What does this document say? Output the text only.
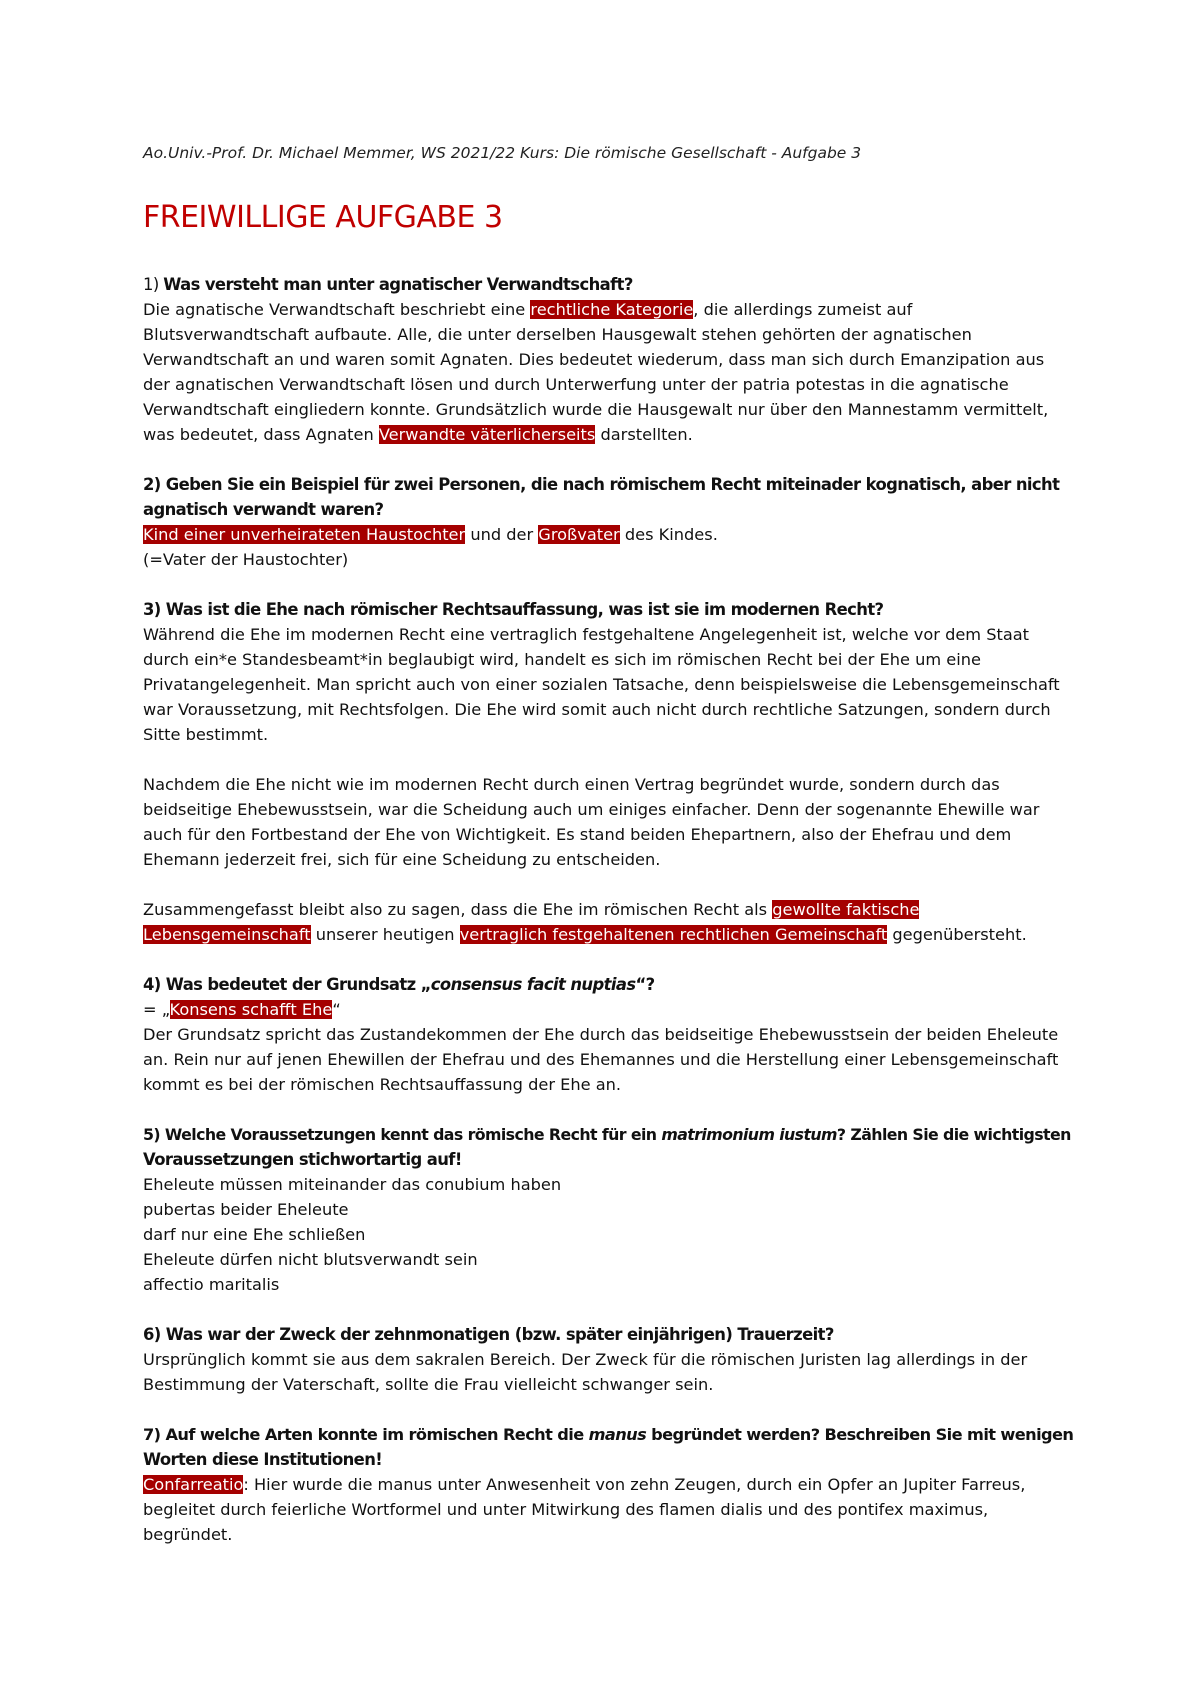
Ao.Univ.-Prof. Dr. Michael Memmer, WS 2021/22 Kurs: Die römische Gesellschaft - Aufgabe 3
FREIWILLIGE AUFGABE 3
1) Was versteht man unter agnatischer Verwandtschaft?
Die agnatische Verwandtschaft beschriebt eine rechtliche Kategorie, die allerdings zumeist auf
Blutsverwandtschaft aufbaute. Alle, die unter derselben Hausgewalt stehen gehörten der agnatischen
Verwandtschaft an und waren somit Agnaten. Dies bedeutet wiederum, dass man sich durch Emanzipation aus
der agnatischen Verwandtschaft lösen und durch Unterwerfung unter der patria potestas in die agnatische
Verwandtschaft eingliedern konnte. Grundsätzlich wurde die Hausgewalt nur über den Mannestamm vermittelt,
was bedeutet, dass Agnaten Verwandte väterlicherseits darstellten.
2) Geben Sie ein Beispiel für zwei Personen, die nach römischem Recht miteinader kognatisch, aber nicht
agnatisch verwandt waren?
Kind einer unverheirateten Haustochter und der Großvater des Kindes.
(=Vater der Haustochter)
3) Was ist die Ehe nach römischer Rechtsauffassung, was ist sie im modernen Recht?
Während die Ehe im modernen Recht eine vertraglich festgehaltene Angelegenheit ist, welche vor dem Staat
durch ein*e Standesbeamt*in beglaubigt wird, handelt es sich im römischen Recht bei der Ehe um eine
Privatangelegenheit. Man spricht auch von einer sozialen Tatsache, denn beispielsweise die Lebensgemeinschaft
war Voraussetzung, mit Rechtsfolgen. Die Ehe wird somit auch nicht durch rechtliche Satzungen, sondern durch
Sitte bestimmt.
Nachdem die Ehe nicht wie im modernen Recht durch einen Vertrag begründet wurde, sondern durch das
beidseitige Ehebewusstsein, war die Scheidung auch um einiges einfacher. Denn der sogenannte Ehewille war
auch für den Fortbestand der Ehe von Wichtigkeit. Es stand beiden Ehepartnern, also der Ehefrau und dem
Ehemann jederzeit frei, sich für eine Scheidung zu entscheiden.
Zusammengefasst bleibt also zu sagen, dass die Ehe im römischen Recht als gewollte faktische
Lebensgemeinschaft unserer heutigen vertraglich festgehaltenen rechtlichen Gemeinschaft gegenübersteht.
4) Was bedeutet der Grundsatz „consensus facit nuptias“?
= „Konsens schafft Ehe“
Der Grundsatz spricht das Zustandekommen der Ehe durch das beidseitige Ehebewusstsein der beiden Eheleute
an. Rein nur auf jenen Ehewillen der Ehefrau und des Ehemannes und die Herstellung einer Lebensgemeinschaft
kommt es bei der römischen Rechtsauffassung der Ehe an.
5) Welche Voraussetzungen kennt das römische Recht für ein matrimonium iustum? Zählen Sie die wichtigsten
Voraussetzungen stichwortartig auf!
Eheleute müssen miteinander das conubium haben
pubertas beider Eheleute
darf nur eine Ehe schließen
Eheleute dürfen nicht blutsverwandt sein
affectio maritalis
6) Was war der Zweck der zehnmonatigen (bzw. später einjährigen) Trauerzeit?
Ursprünglich kommt sie aus dem sakralen Bereich. Der Zweck für die römischen Juristen lag allerdings in der
Bestimmung der Vaterschaft, sollte die Frau vielleicht schwanger sein.
7) Auf welche Arten konnte im römischen Recht die manus begründet werden? Beschreiben Sie mit wenigen
Worten diese Institutionen!
Confarreatio: Hier wurde die manus unter Anwesenheit von zehn Zeugen, durch ein Opfer an Jupiter Farreus,
begleitet durch feierliche Wortformel und unter Mitwirkung des flamen dialis und des pontifex maximus,
begründet.
